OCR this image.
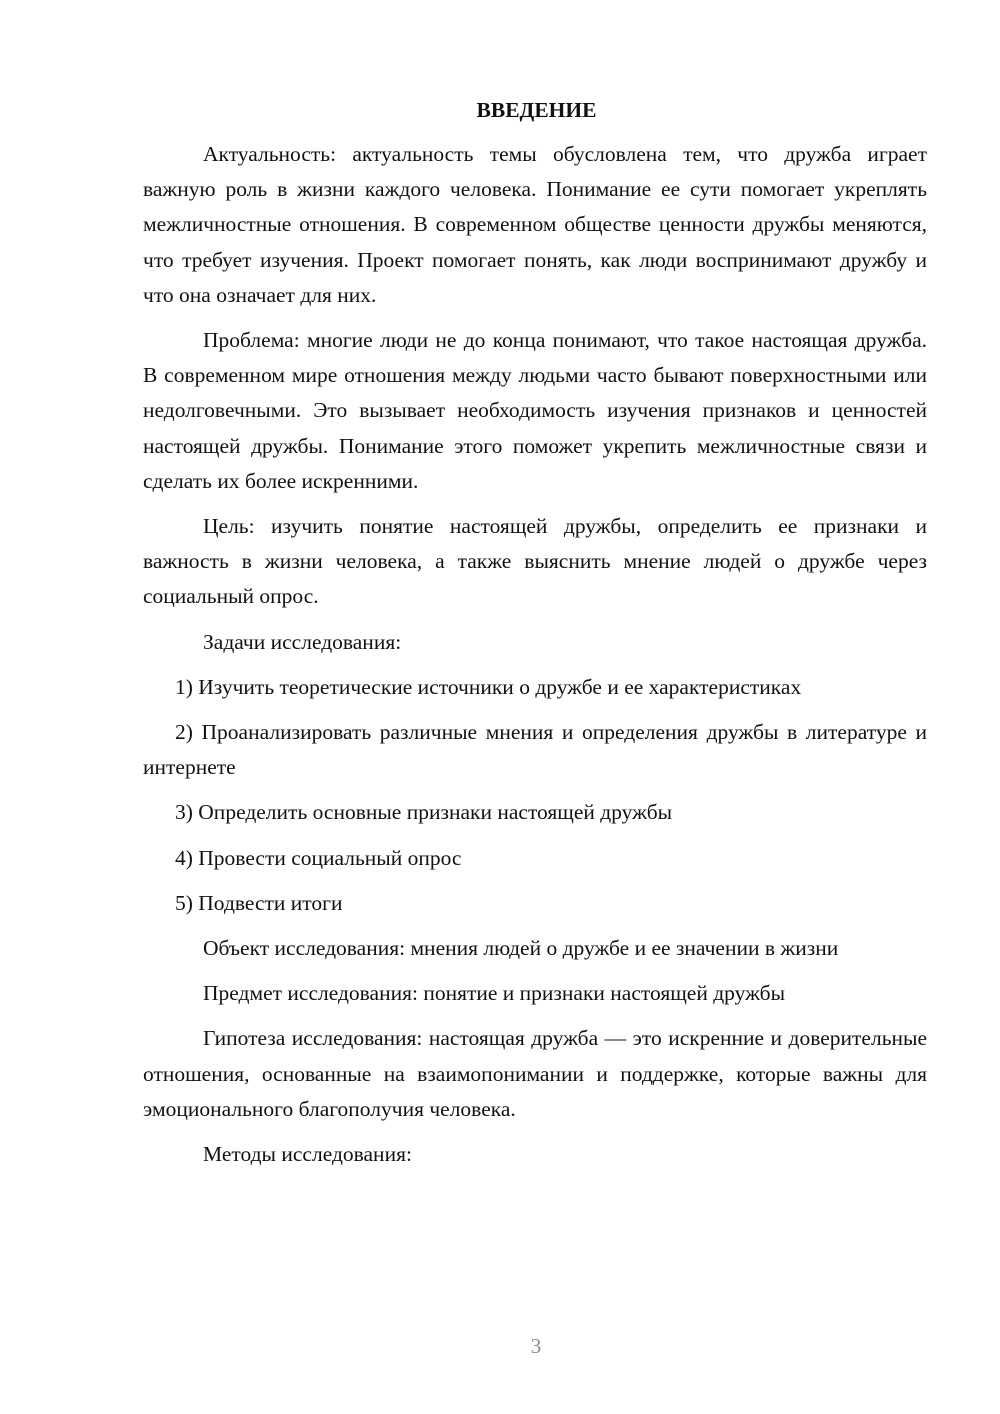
ВВЕДЕНИЕ

Актуальность: актуальность темы обусловлена тем, что дружба играет важную роль в жизни каждого человека. Понимание ее сути помогает укреплять межличностные отношения. В современном обществе ценности дружбы меняются, что требует изучения. Проект помогает понять, как люди воспринимают дружбу и что она означает для них.

Проблема: многие люди не до конца понимают, что такое настоящая дружба. В современном мире отношения между людьми часто бывают поверхностными или недолговечными. Это вызывает необходимость изучения признаков и ценностей настоящей дружбы. Понимание этого поможет укрепить межличностные связи и сделать их более искренними.

Цель: изучить понятие настоящей дружбы, определить ее признаки и важность в жизни человека, а также выяснить мнение людей о дружбе через социальный опрос.

Задачи исследования:

1) Изучить теоретические источники о дружбе и ее характеристиках

2) Проанализировать различные мнения и определения дружбы в литературе и интернете

3) Определить основные признаки настоящей дружбы

4) Провести социальный опрос

5) Подвести итоги

Объект исследования: мнения людей о дружбе и ее значении в жизни

Предмет исследования: понятие и признаки настоящей дружбы

Гипотеза исследования: настоящая дружба — это искренние и доверительные отношения, основанные на взаимопонимании и поддержке, которые важны для эмоционального благополучия человека.

Методы исследования:

3
